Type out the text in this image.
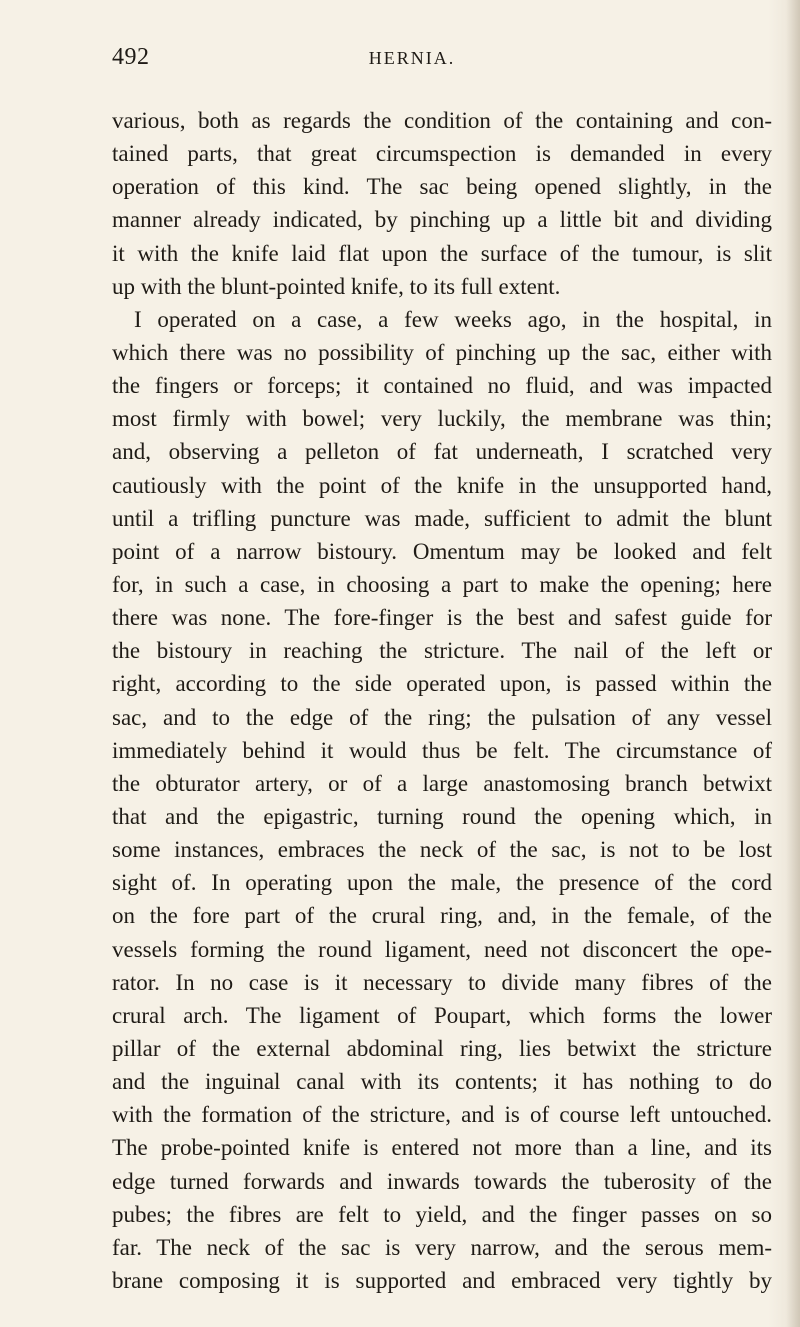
492	HERNIA.
various, both as regards the condition of the containing and con-
tained parts, that great circumspection is demanded in every
operation of this kind. The sac being opened slightly, in the
manner already indicated, by pinching up a little bit and dividing
it with the knife laid flat upon the surface of the tumour, is slit
up with the blunt-pointed knife, to its full extent.
I operated on a case, a few weeks ago, in the hospital, in
which there was no possibility of pinching up the sac, either with
the fingers or forceps; it contained no fluid, and was impacted
most firmly with bowel; very luckily, the membrane was thin;
and, observing a pelleton of fat underneath, I scratched very
cautiously with the point of the knife in the unsupported hand,
until a trifling puncture was made, sufficient to admit the blunt
point of a narrow bistoury. Omentum may be looked and felt
for, in such a case, in choosing a part to make the opening; here
there was none. The fore-finger is the best and safest guide for
the bistoury in reaching the stricture. The nail of the left or
right, according to the side operated upon, is passed within the
sac, and to the edge of the ring; the pulsation of any vessel
immediately behind it would thus be felt. The circumstance of
the obturator artery, or of a large anastomosing branch betwixt
that and the epigastric, turning round the opening which, in
some instances, embraces the neck of the sac, is not to be lost
sight of. In operating upon the male, the presence of the cord
on the fore part of the crural ring, and, in the female, of the
vessels forming the round ligament, need not disconcert the ope-
rator. In no case is it necessary to divide many fibres of the
crural arch. The ligament of Poupart, which forms the lower
pillar of the external abdominal ring, lies betwixt the stricture
and the inguinal canal with its contents; it has nothing to do
with the formation of the stricture, and is of course left untouched.
The probe-pointed knife is entered not more than a line, and its
edge turned forwards and inwards towards the tuberosity of the
pubes; the fibres are felt to yield, and the finger passes on so
far. The neck of the sac is very narrow, and the serous mem-
brane composing it is supported and embraced very tightly by
